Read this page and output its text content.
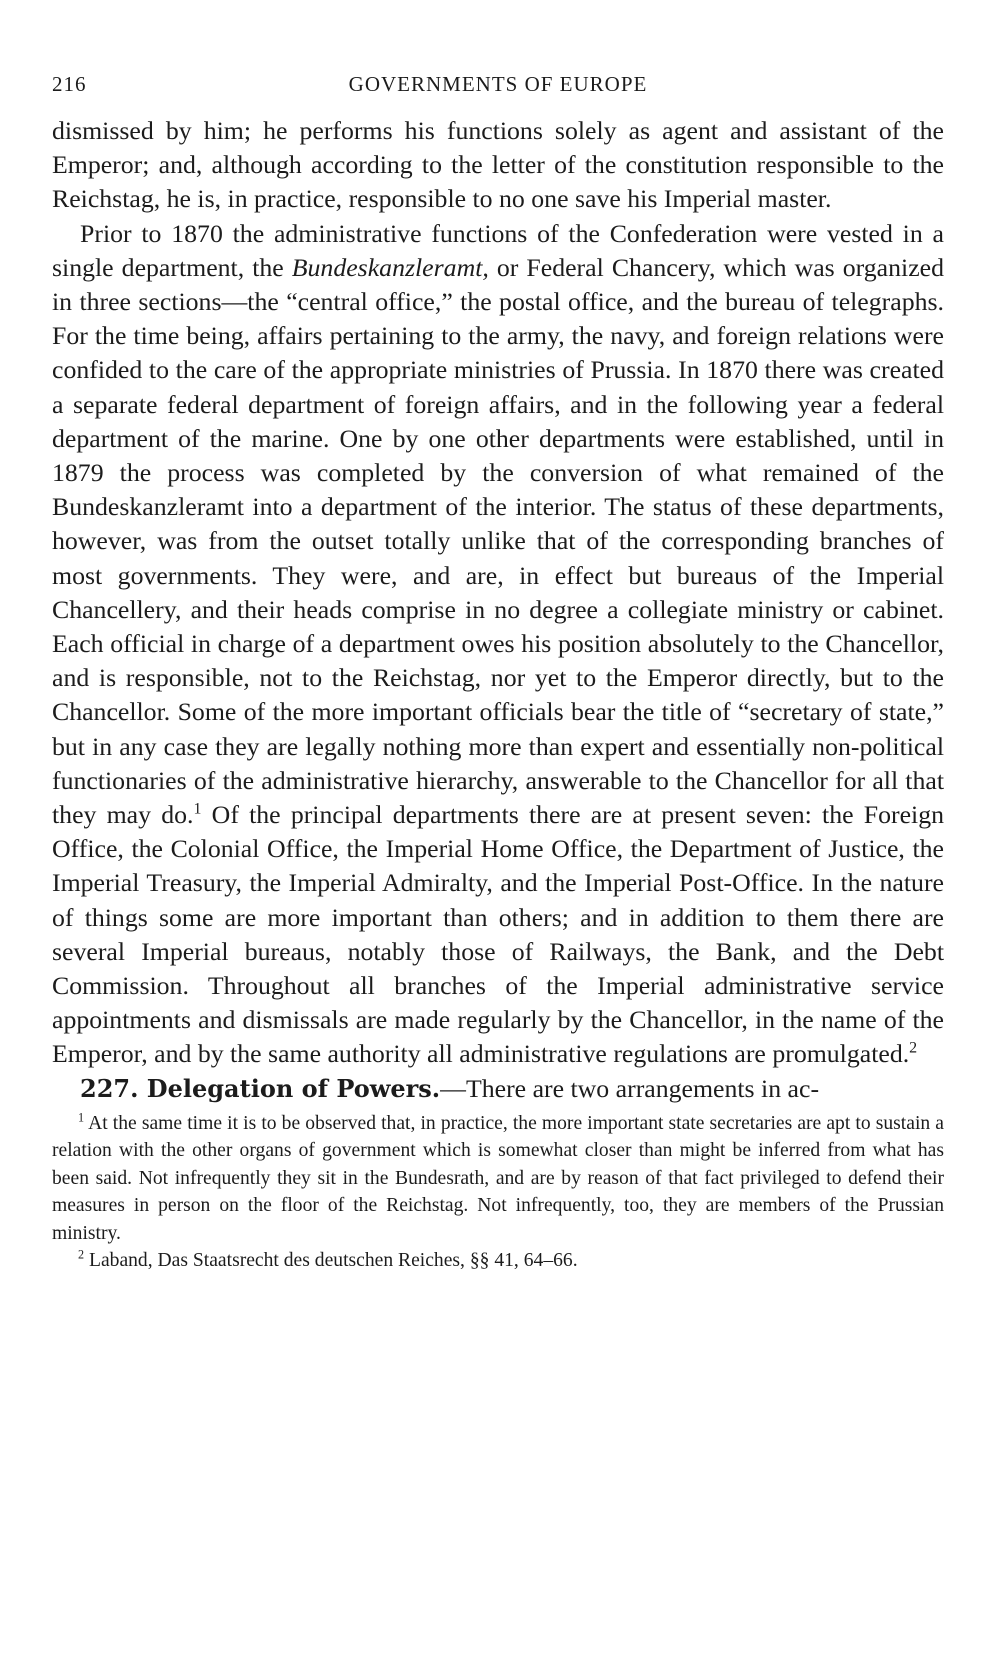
216	GOVERNMENTS OF EUROPE

dismissed by him; he performs his functions solely as agent and assistant of the Emperor; and, although according to the letter of the constitution responsible to the Reichstag, he is, in practice, responsible to no one save his Imperial master.

Prior to 1870 the administrative functions of the Confederation were vested in a single department, the Bundeskanzleramt, or Federal Chancery, which was organized in three sections—the “central office,” the postal office, and the bureau of telegraphs. For the time being, affairs pertaining to the army, the navy, and foreign relations were confided to the care of the appropriate ministries of Prussia. In 1870 there was created a separate federal department of foreign affairs, and in the following year a federal department of the marine. One by one other departments were established, until in 1879 the process was completed by the conversion of what remained of the Bundeskanzleramt into a department of the interior. The status of these departments, however, was from the outset totally unlike that of the corresponding branches of most governments. They were, and are, in effect but bureaus of the Imperial Chancellery, and their heads comprise in no degree a collegiate ministry or cabinet. Each official in charge of a department owes his position absolutely to the Chancellor, and is responsible, not to the Reichstag, nor yet to the Emperor directly, but to the Chancellor. Some of the more important officials bear the title of “secretary of state,” but in any case they are legally nothing more than expert and essentially non-political functionaries of the administrative hierarchy, answerable to the Chancellor for all that they may do.$^1$ Of the principal departments there are at present seven: the Foreign Office, the Colonial Office, the Imperial Home Office, the Department of Justice, the Imperial Treasury, the Imperial Admiralty, and the Imperial Post-Office. In the nature of things some are more important than others; and in addition to them there are several Imperial bureaus, notably those of Railways, the Bank, and the Debt Commission. Throughout all branches of the Imperial administrative service appointments and dismissals are made regularly by the Chancellor, in the name of the Emperor, and by the same authority all administrative regulations are promulgated.$^2$

227. Delegation of Powers.—There are two arrangements in ac-

$^1$ At the same time it is to be observed that, in practice, the more important state secretaries are apt to sustain a relation with the other organs of government which is somewhat closer than might be inferred from what has been said. Not infrequently they sit in the Bundesrath, and are by reason of that fact privileged to defend their measures in person on the floor of the Reichstag. Not infrequently, too, they are members of the Prussian ministry.

$^2$ Laband, Das Staatsrecht des deutschen Reiches, §§ 41, 64–66.
